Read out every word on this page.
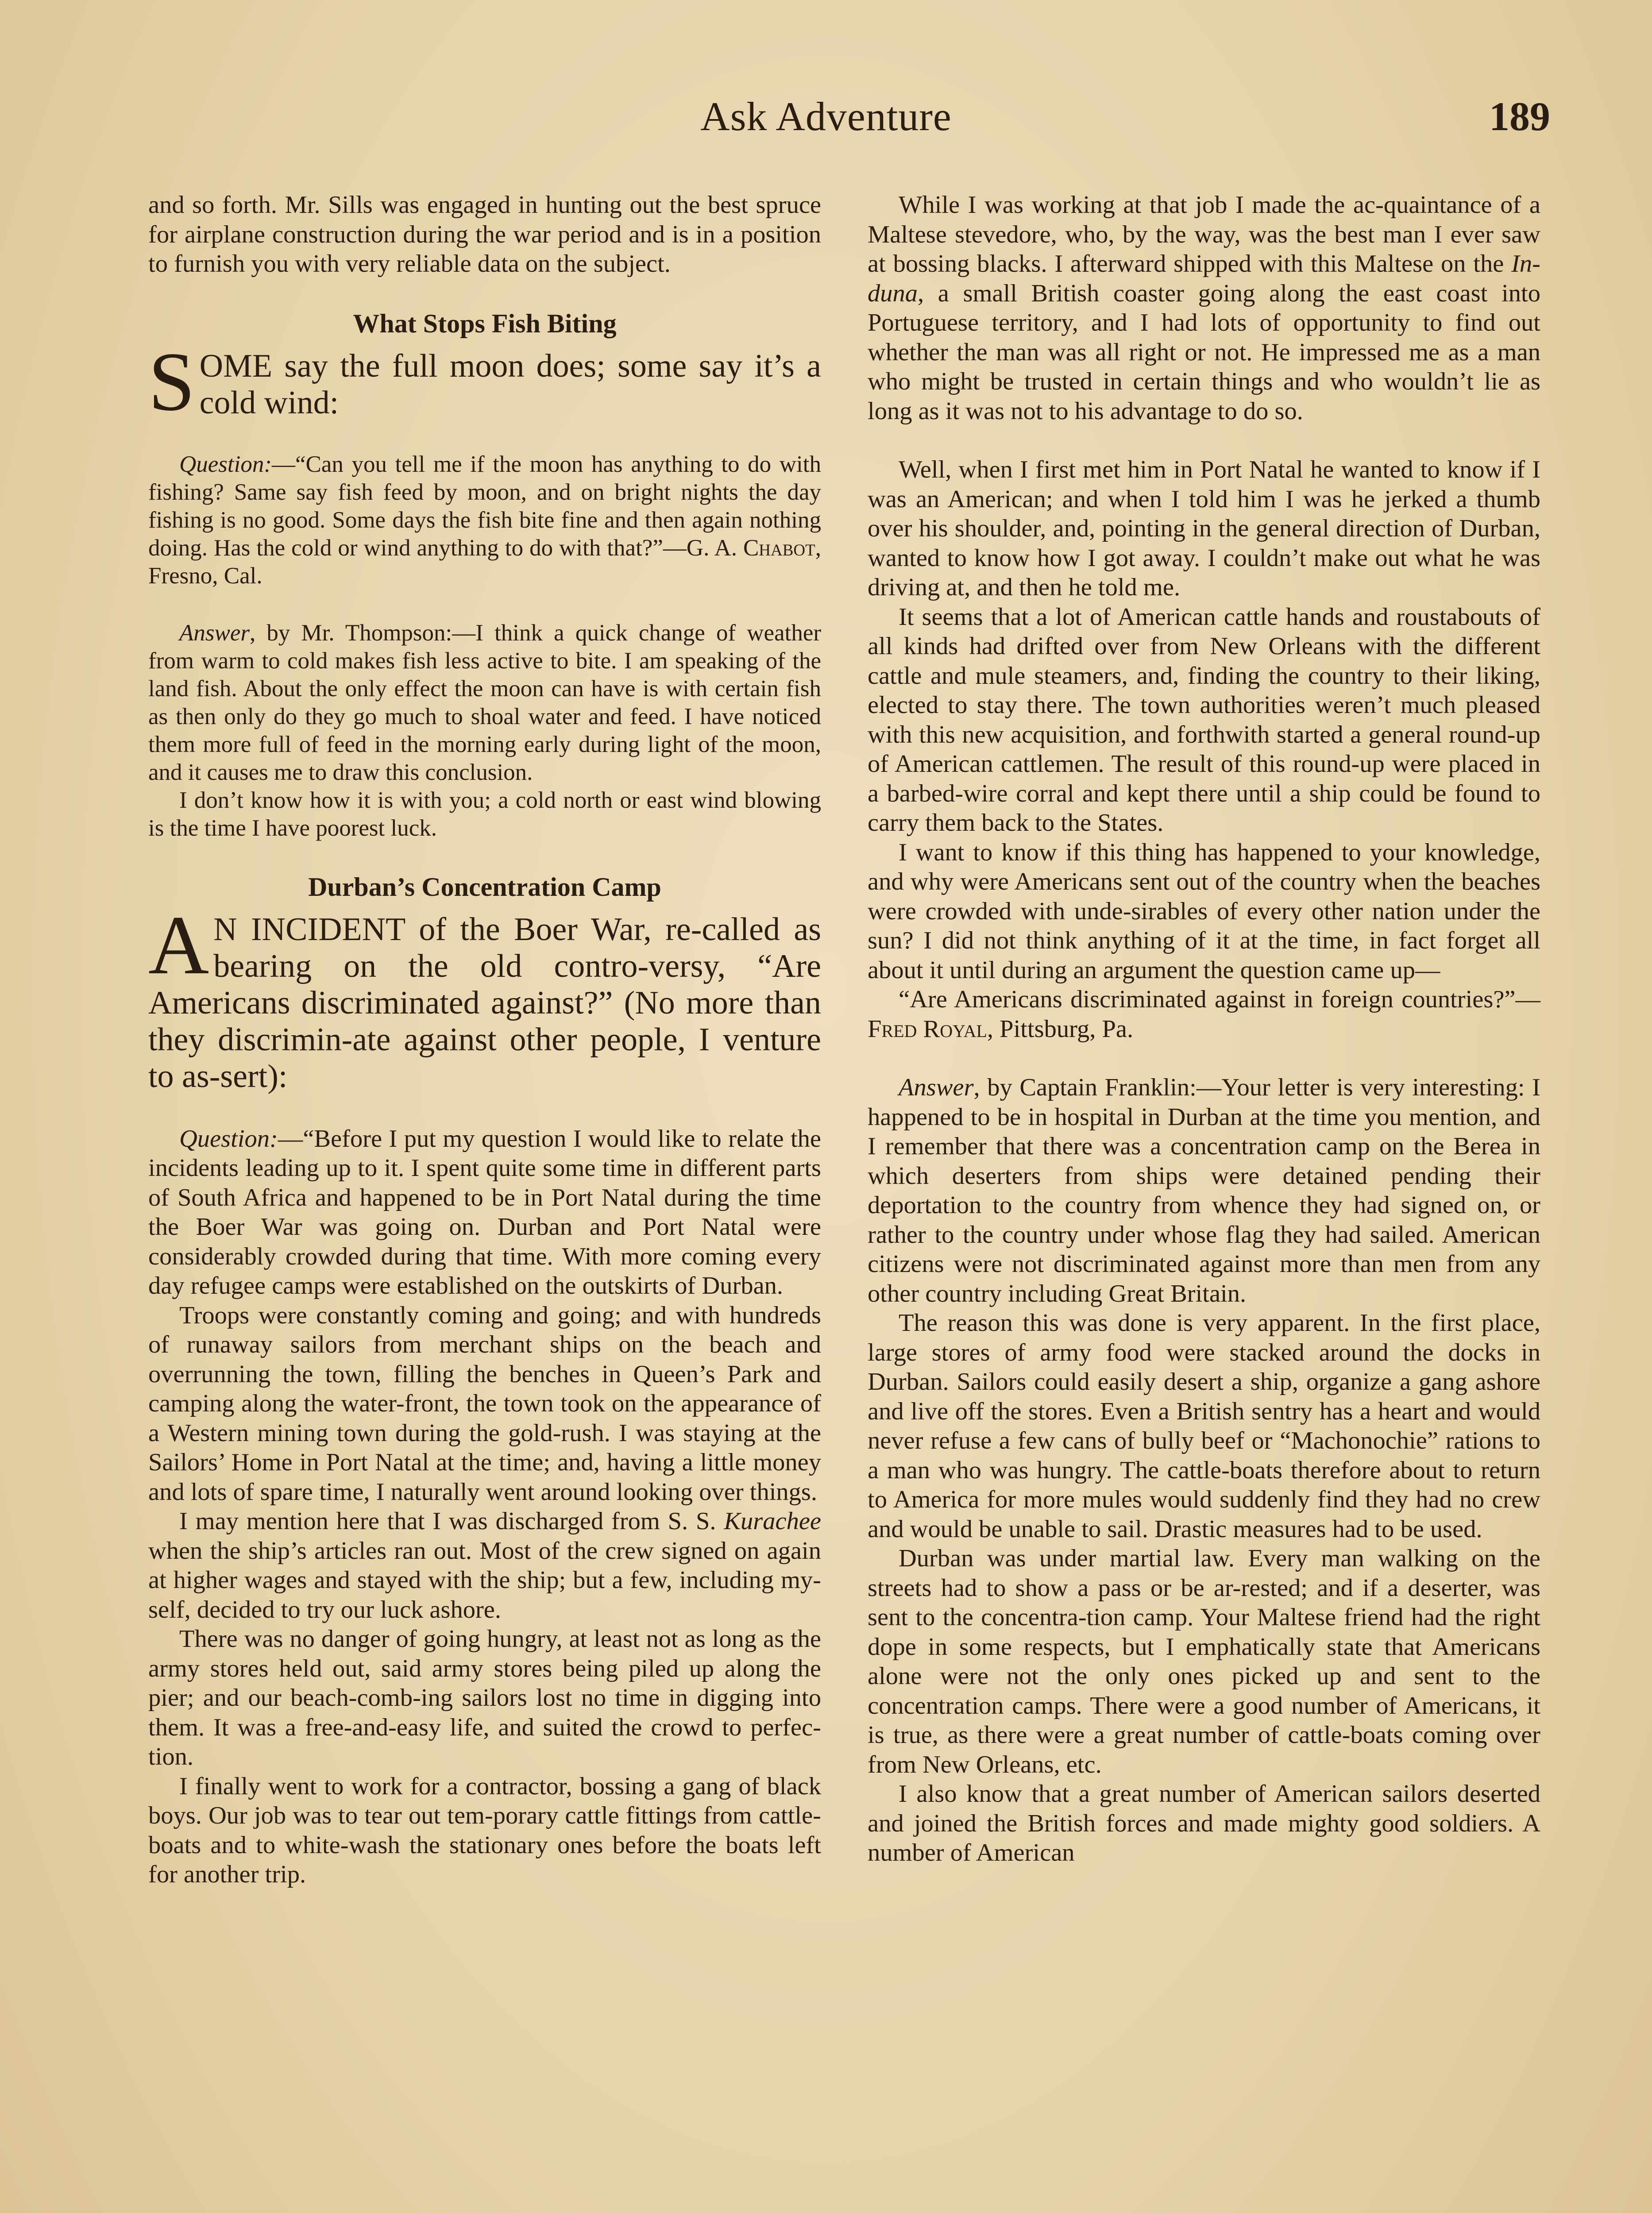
Ask Adventure	189

and so forth. Mr. Sills was engaged in hunting out the best spruce for airplane construction during the war period and is in a position to furnish you with very reliable data on the subject.

What Stops Fish Biting

SOME say the full moon does; some say it’s a cold wind:

Question:—“Can you tell me if the moon has anything to do with fishing? Same say fish feed by moon, and on bright nights the day fishing is no good. Some days the fish bite fine and then again nothing doing. Has the cold or wind anything to do with that?”—G. A. Chabot, Fresno, Cal.

Answer, by Mr. Thompson:—I think a quick change of weather from warm to cold makes fish less active to bite. I am speaking of the land fish. About the only effect the moon can have is with certain fish as then only do they go much to shoal water and feed. I have noticed them more full of feed in the morning early during light of the moon, and it causes me to draw this conclusion.

I don’t know how it is with you; a cold north or east wind blowing is the time I have poorest luck.

Durban’s Concentration Camp

A N INCIDENT of the Boer War, re-called as bearing on the old contro-versy, “Are Americans discriminated against?” (No more than they discrimin-ate against other people, I venture to as-sert):

Question:—“Before I put my question I would like to relate the incidents leading up to it. I spent quite some time in different parts of South Africa and happened to be in Port Natal during the time the Boer War was going on. Durban and Port Natal were considerably crowded during that time. With more coming every day refugee camps were established on the outskirts of Durban.

Troops were constantly coming and going; and with hundreds of runaway sailors from merchant ships on the beach and overrunning the town, filling the benches in Queen’s Park and camping along the water-front, the town took on the appearance of a Western mining town during the gold-rush. I was staying at the Sailors’ Home in Port Natal at the time; and, having a little money and lots of spare time, I naturally went around looking over things.

I may mention here that I was discharged from S. S. Kurachee when the ship’s articles ran out. Most of the crew signed on again at higher wages and stayed with the ship; but a few, including my-self, decided to try our luck ashore.

There was no danger of going hungry, at least not as long as the army stores held out, said army stores being piled up along the pier; and our beach-comb-ing sailors lost no time in digging into them. It was a free-and-easy life, and suited the crowd to perfec-tion.

I finally went to work for a contractor, bossing a gang of black boys. Our job was to tear out tem-porary cattle fittings from cattle-boats and to white-wash the stationary ones before the boats left for another trip.

While I was working at that job I made the ac-quaintance of a Maltese stevedore, who, by the way, was the best man I ever saw at bossing blacks. I afterward shipped with this Maltese on the In-duna, a small British coaster going along the east coast into Portuguese territory, and I had lots of opportunity to find out whether the man was all right or not. He impressed me as a man who might be trusted in certain things and who wouldn’t lie as long as it was not to his advantage to do so.

Well, when I first met him in Port Natal he wanted to know if I was an American; and when I told him I was he jerked a thumb over his shoulder, and, pointing in the general direction of Durban, wanted to know how I got away. I couldn’t make out what he was driving at, and then he told me.

It seems that a lot of American cattle hands and roustabouts of all kinds had drifted over from New Orleans with the different cattle and mule steamers, and, finding the country to their liking, elected to stay there. The town authorities weren’t much pleased with this new acquisition, and forthwith started a general round-up of American cattlemen. The result of this round-up were placed in a barbed-wire corral and kept there until a ship could be found to carry them back to the States.

I want to know if this thing has happened to your knowledge, and why were Americans sent out of the country when the beaches were crowded with unde-sirables of every other nation under the sun? I did not think anything of it at the time, in fact forget all about it until during an argument the question came up—

“Are Americans discriminated against in foreign countries?”—Fred Royal, Pittsburg, Pa.

Answer, by Captain Franklin:—Your letter is very interesting: I happened to be in hospital in Durban at the time you mention, and I remember that there was a concentration camp on the Berea in which deserters from ships were detained pending their deportation to the country from whence they had signed on, or rather to the country under whose flag they had sailed. American citizens were not discriminated against more than men from any other country including Great Britain.

The reason this was done is very apparent. In the first place, large stores of army food were stacked around the docks in Durban. Sailors could easily desert a ship, organize a gang ashore and live off the stores. Even a British sentry has a heart and would never refuse a few cans of bully beef or “Machonochie” rations to a man who was hungry. The cattle-boats therefore about to return to America for more mules would suddenly find they had no crew and would be unable to sail. Drastic measures had to be used.

Durban was under martial law. Every man walking on the streets had to show a pass or be ar-rested; and if a deserter, was sent to the concentra-tion camp. Your Maltese friend had the right dope in some respects, but I emphatically state that Americans alone were not the only ones picked up and sent to the concentration camps. There were a good number of Americans, it is true, as there were a great number of cattle-boats coming over from New Orleans, etc.

I also know that a great number of American sailors deserted and joined the British forces and made mighty good soldiers. A number of American
